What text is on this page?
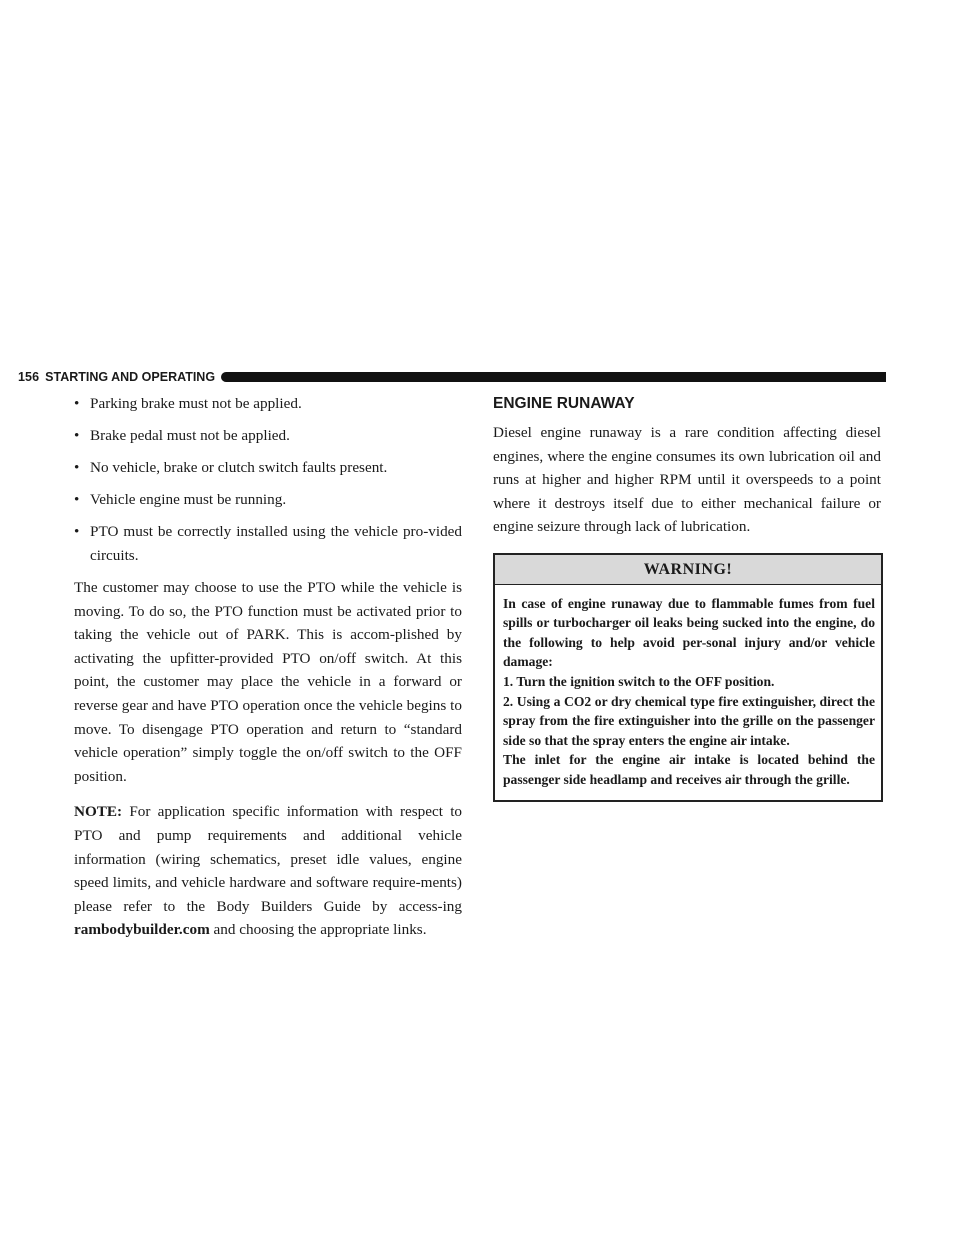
156 STARTING AND OPERATING
• Parking brake must not be applied.
• Brake pedal must not be applied.
• No vehicle, brake or clutch switch faults present.
• Vehicle engine must be running.
• PTO must be correctly installed using the vehicle pro-vided circuits.

The customer may choose to use the PTO while the vehicle is moving. To do so, the PTO function must be activated prior to taking the vehicle out of PARK. This is accom-plished by activating the upfitter-provided PTO on/off switch. At this point, the customer may place the vehicle in a forward or reverse gear and have PTO operation once the vehicle begins to move. To disengage PTO operation and return to “standard vehicle operation” simply toggle the on/off switch to the OFF position.

NOTE: For application specific information with respect to PTO and pump requirements and additional vehicle information (wiring schematics, preset idle values, engine speed limits, and vehicle hardware and software require-ments) please refer to the Body Builders Guide by access-ing rambodybuilder.com and choosing the appropriate links.

ENGINE RUNAWAY

Diesel engine runaway is a rare condition affecting diesel engines, where the engine consumes its own lubrication oil and runs at higher and higher RPM until it overspeeds to a point where it destroys itself due to either mechanical failure or engine seizure through lack of lubrication.

WARNING!

In case of engine runaway due to flammable fumes from fuel spills or turbocharger oil leaks being sucked into the engine, do the following to help avoid per-sonal injury and/or vehicle damage:

1. Turn the ignition switch to the OFF position.

2. Using a CO2 or dry chemical type fire extinguisher, direct the spray from the fire extinguisher into the grille on the passenger side so that the spray enters the engine air intake.

The inlet for the engine air intake is located behind the passenger side headlamp and receives air through the grille.
